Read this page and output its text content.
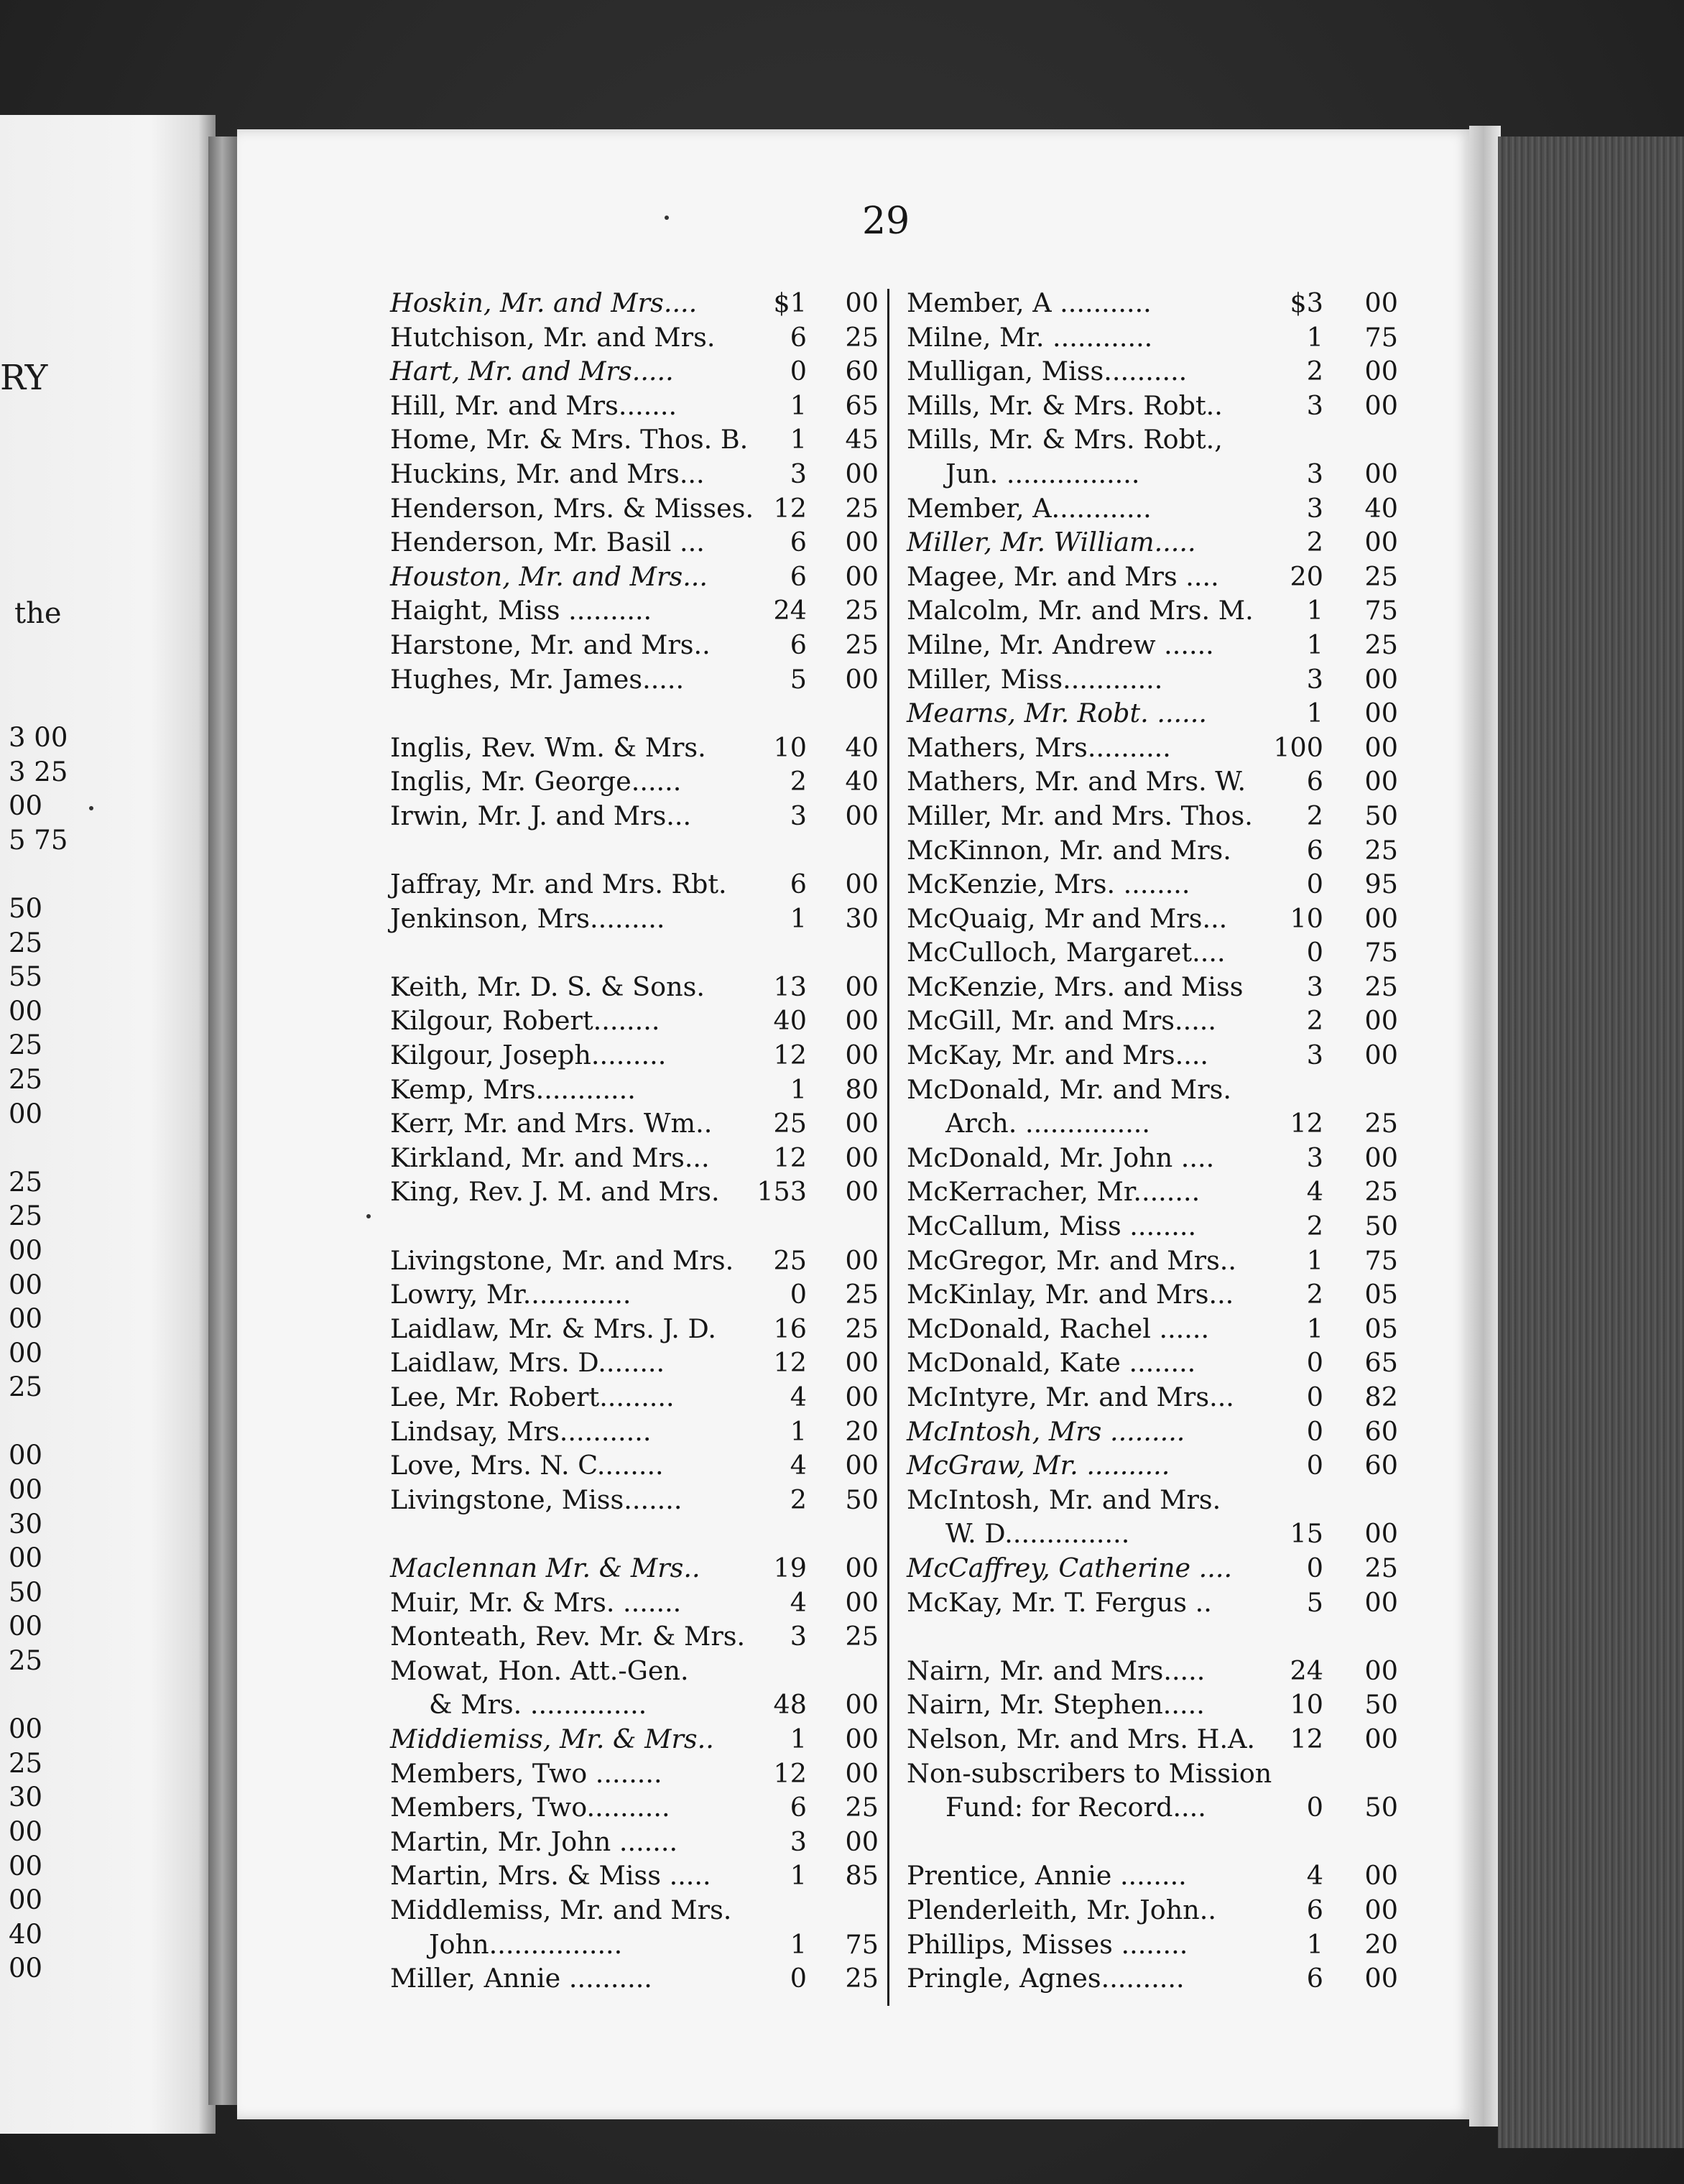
RY
the
3 00
3 25
00
5 75
50
25
55
00
25
25
00
25
25
00
00
00
00
25
00
00
30
00
50
00
25
00
25
30
00
00
00
40
00
29
Hoskin, Mr. and Mrs....	$1	00
Hutchison, Mr. and Mrs.	6	25
Hart, Mr. and Mrs.....	0	60
Hill, Mr. and Mrs.......	1	65
Home, Mr. & Mrs. Thos. B.	1	45
Huckins, Mr. and Mrs...	3	00
Henderson, Mrs. & Misses. 12	25
Henderson, Mr. Basil ...	6	00
Houston, Mr. and Mrs...	6	00
Haight, Miss ..........	24	25
Harstone, Mr. and Mrs..	6	25
Hughes, Mr. James.....	5	00
Inglis, Rev. Wm. & Mrs.	10	40
Inglis, Mr. George......	2	40
Irwin, Mr. J. and Mrs...	3	00
Jaffray, Mr. and Mrs. Rbt.	6	00
Jenkinson, Mrs.........	1	30
Keith, Mr. D. S. & Sons.	13	00
Kilgour, Robert........	40	00
Kilgour, Joseph.........	12	00
Kemp, Mrs............	1	80
Kerr, Mr. and Mrs. Wm..	25	00
Kirkland, Mr. and Mrs...	12	00
King, Rev. J. M. and Mrs.	153	00
Livingstone, Mr. and Mrs.	25	00
Lowry, Mr.............	0	25
Laidlaw, Mr. & Mrs. J. D.	16	25
Laidlaw, Mrs. D........	12	00
Lee, Mr. Robert.........	4	00
Lindsay, Mrs...........	1	20
Love, Mrs. N. C........	4	00
Livingstone, Miss.......	2	50
Maclennan Mr. & Mrs..	19	00
Muir, Mr. & Mrs. .......	4	00
Monteath, Rev. Mr. & Mrs.	3	25
Mowat, Hon. Att.-Gen.
& Mrs. ..............	48	00
Middiemiss, Mr. & Mrs..	1	00
Members, Two ........	12	00
Members, Two..........	6	25
Martin, Mr. John .......	3	00
Martin, Mrs. & Miss .....	1	85
Middlemiss, Mr. and Mrs.
John................	1	75
Miller, Annie ..........	0	25
Member, A ...........	$3	00
Milne, Mr. ............	1	75
Mulligan, Miss..........	2	00
Mills, Mr. & Mrs. Robt..	3	00
Mills, Mr. & Mrs. Robt.,
Jun. ................	3	00
Member, A............	3	40
Miller, Mr. William.....	2	00
Magee, Mr. and Mrs ....	20	25
Malcolm, Mr. and Mrs. M.	1	75
Milne, Mr. Andrew ......	1	25
Miller, Miss............	3	00
Mearns, Mr. Robt. ......	1	00
Mathers, Mrs..........	100	00
Mathers, Mr. and Mrs. W.	6	00
Miller, Mr. and Mrs. Thos.	2	50
McKinnon, Mr. and Mrs.	6	25
McKenzie, Mrs. ........	0	95
McQuaig, Mr and Mrs...	10	00
McCulloch, Margaret....	0	75
McKenzie, Mrs. and Miss	3	25
McGill, Mr. and Mrs.....	2	00
McKay, Mr. and Mrs....	3	00
McDonald, Mr. and Mrs.
Arch. ...............	12	25
McDonald, Mr. John ....	3	00
McKerracher, Mr........	4	25
McCallum, Miss ........	2	50
McGregor, Mr. and Mrs..	1	75
McKinlay, Mr. and Mrs...	2	05
McDonald, Rachel ......	1	05
McDonald, Kate ........	0	65
McIntyre, Mr. and Mrs...	0	82
McIntosh, Mrs .........	0	60
McGraw, Mr. ..........	0	60
McIntosh, Mr. and Mrs.
W. D...............	15	00
McCaffrey, Catherine ....	0	25
McKay, Mr. T. Fergus ..	5	00
Nairn, Mr. and Mrs.....	24	00
Nairn, Mr. Stephen.....	10	50
Nelson, Mr. and Mrs. H.A.	12	00
Non-subscribers to Mission
Fund: for Record....	0	50
Prentice, Annie ........	4	00
Plenderleith, Mr. John..	6	00
Phillips, Misses ........	1	20
Pringle, Agnes..........	6	00
